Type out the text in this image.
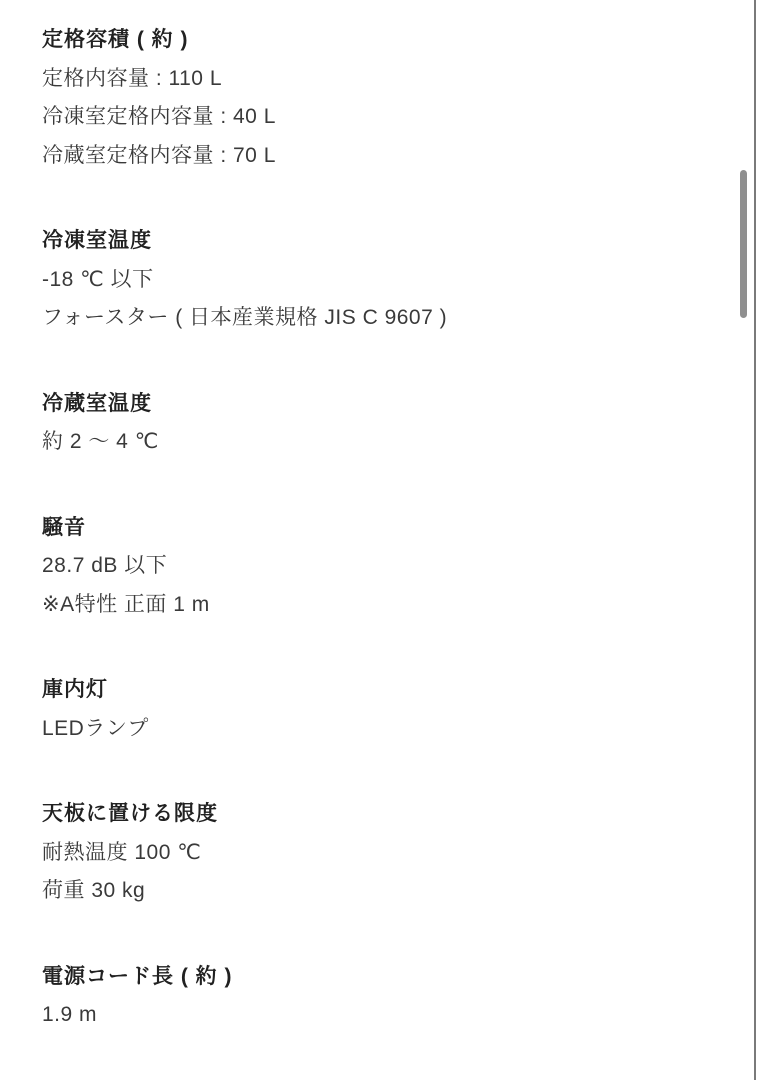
定格容積 ( 約 )

定格内容量 : 110 L

冷凍室定格内容量 : 40 L

冷蔵室定格内容量 : 70 L

冷凍室温度

-18 ℃ 以下

フォースター ( 日本産業規格 JIS C 9607 )

冷蔵室温度

約 2 ～ 4 ℃

騒音

28.7 dB 以下

※A特性 正面 1 m

庫内灯

LEDランプ

天板に置ける限度

耐熱温度 100 ℃

荷重 30 kg

電源コード長 ( 約 )

1.9 m
